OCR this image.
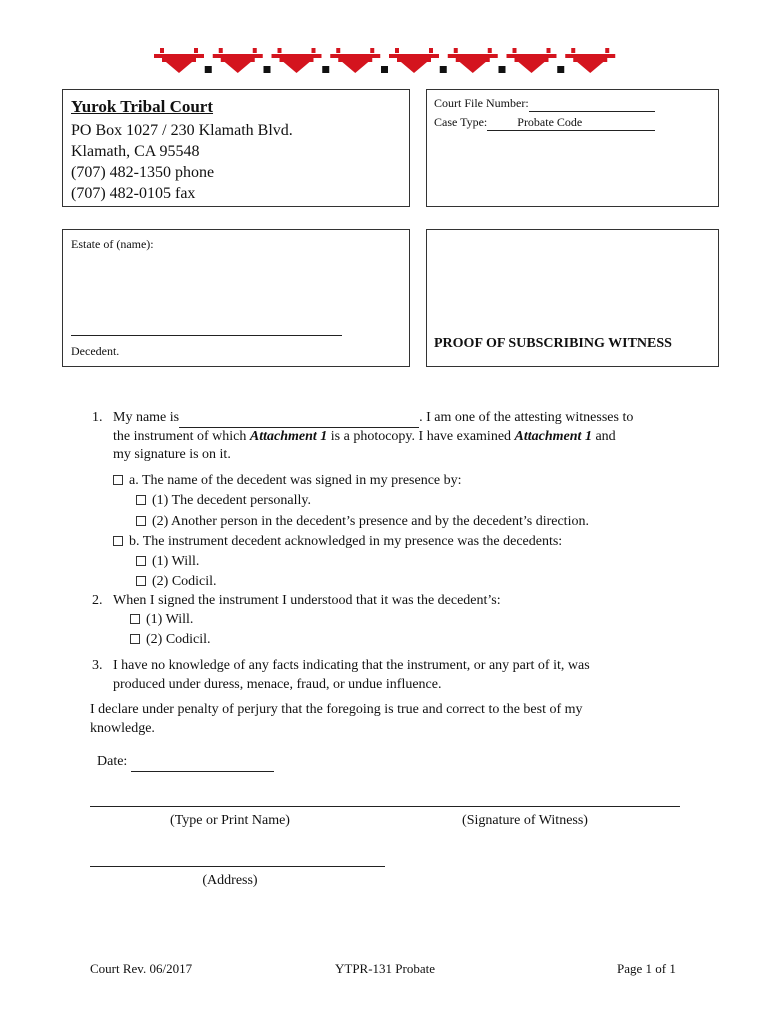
Yurok Tribal Court
PO Box 1027 / 230 Klamath Blvd.
Klamath, CA 95548
(707) 482-1350 phone
(707) 482-0105 fax
Court File Number:
Case Type:	Probate Code
Estate of (name):
Decedent.	PROOF OF SUBSCRIBING WITNESS
1. My name is	. I am one of the attesting witnesses to
the instrument of which Attachment 1 is a photocopy. I have examined Attachment 1 and
my signature is on it.
a. The name of the decedent was signed in my presence by:
(1) The decedent personally.
(2) Another person in the decedent’s presence and by the decedent’s direction.
b. The instrument decedent acknowledged in my presence was the decedents:
(1) Will.
(2) Codicil.
2. When I signed the instrument I understood that it was the decedent’s:
(1) Will.
(2) Codicil.
3. I have no knowledge of any facts indicating that the instrument, or any part of it, was
produced under duress, menace, fraud, or undue influence.
I declare under penalty of perjury that the foregoing is true and correct to the best of my
knowledge.
Date:
(Type or Print Name)	(Signature of Witness)
(Address)
Court Rev. 06/2017	YTPR-131 Probate	Page 1 of 1
